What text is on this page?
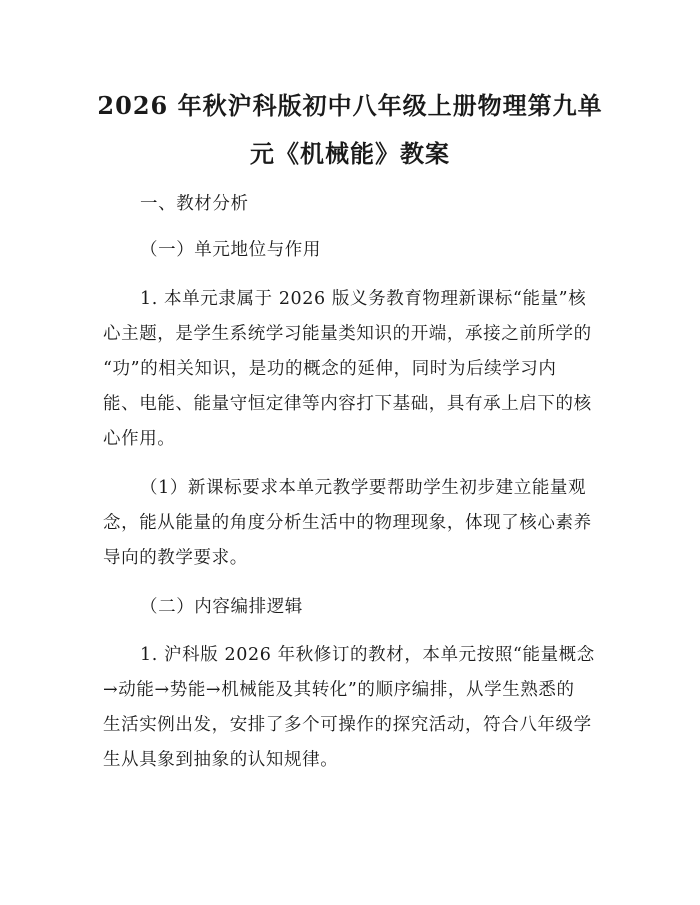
2026 年秋沪科版初中八年级上册物理第九单
元《机械能》教案
一、教材分析
（一）单元地位与作用
1. 本单元隶属于 2026 版义务教育物理新课标“能量”核
心主题，是学生系统学习能量类知识的开端，承接之前所学的
“功”的相关知识，是功的概念的延伸，同时为后续学习内
能、电能、能量守恒定律等内容打下基础，具有承上启下的核
心作用。
（1）新课标要求本单元教学要帮助学生初步建立能量观
念，能从能量的角度分析生活中的物理现象，体现了核心素养
导向的教学要求。
（二）内容编排逻辑
1. 沪科版 2026 年秋修订的教材，本单元按照“能量概念
→动能→势能→机械能及其转化”的顺序编排，从学生熟悉的
生活实例出发，安排了多个可操作的探究活动，符合八年级学
生从具象到抽象的认知规律。
